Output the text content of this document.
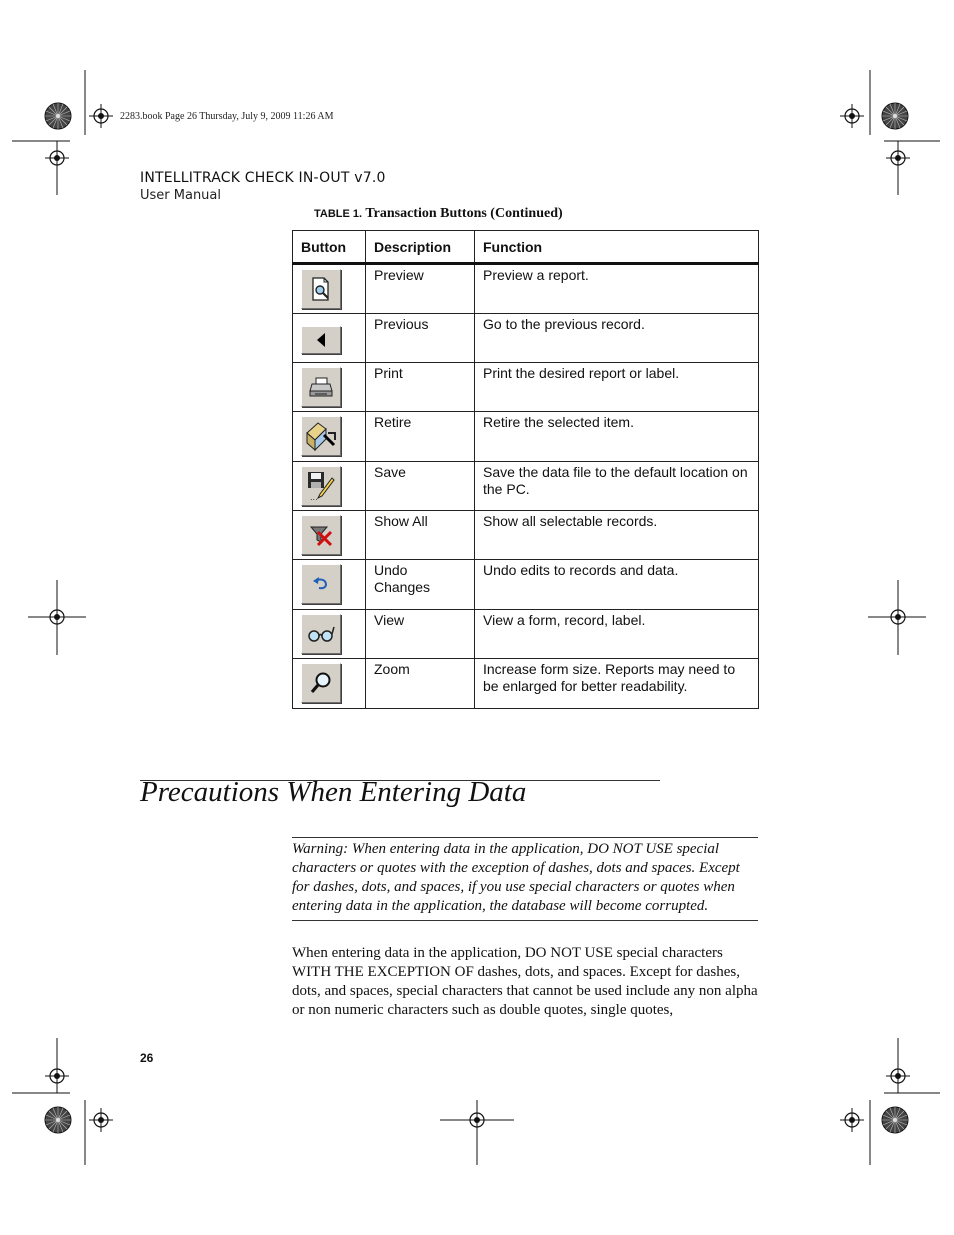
2283.book Page 26 Thursday, July 9, 2009 11:26 AM
INTELLITRACK CHECK IN-OUT v7.0
User Manual
TABLE 1. Transaction Buttons (Continued)
Button	Description	Function

	Preview	Preview a report.

	Previous	Go to the previous record.

	Print	Print the desired report or label.

	Retire	Retire the selected item.

...	Save	Save the data file to the default location on the PC.

	Show All	Show all selectable records.

	Undo Changes	Undo edits to records and data.

	View	View a form, record, label.

	Zoom	Increase form size. Reports may need to be enlarged for better readability.
Precautions When Entering Data
Warning: When entering data in the application, DO NOT USE special characters or quotes with the exception of dashes, dots and spaces. Except for dashes, dots, and spaces, if you use special characters or quotes when entering data in the application, the database will become corrupted.
When entering data in the application, DO NOT USE special characters WITH THE EXCEPTION OF dashes, dots, and spaces. Except for dashes, dots, and spaces, special characters that cannot be used include any non alpha or non numeric characters such as double quotes, single quotes,
26
